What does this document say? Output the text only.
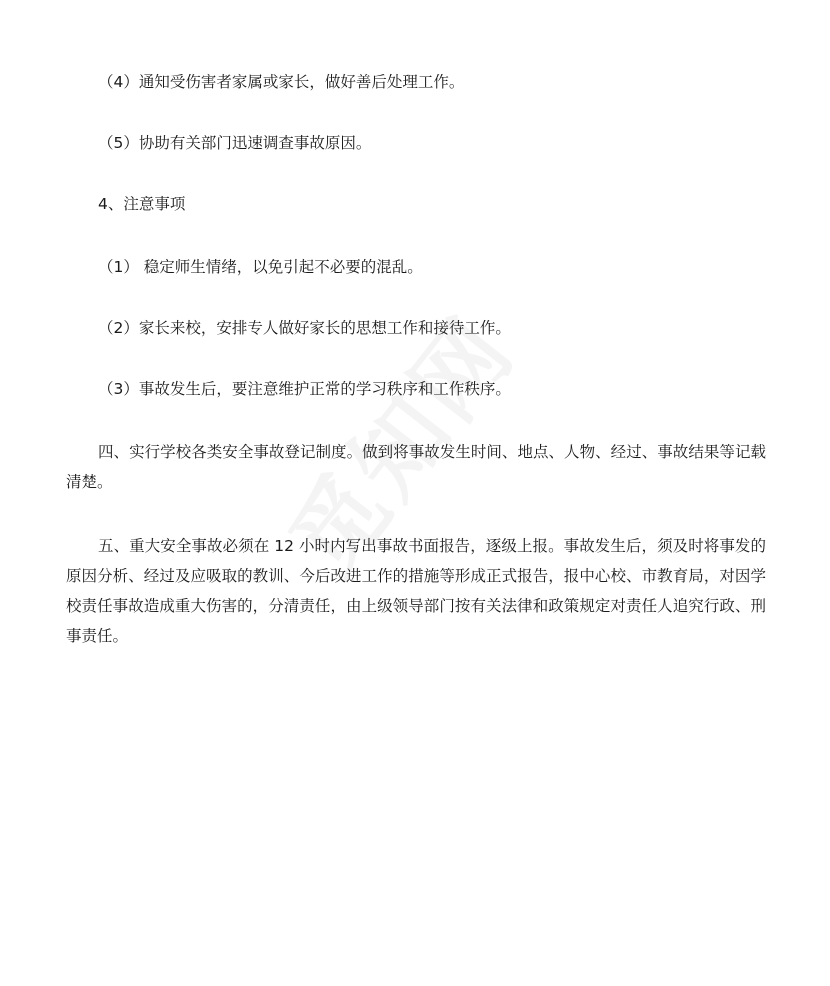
（4）通知受伤害者家属或家长，做好善后处理工作。
（5）协助有关部门迅速调查事故原因。
4、注意事项
（1） 稳定师生情绪，以免引起不必要的混乱。
（2）家长来校，安排专人做好家长的思想工作和接待工作。
（3）事故发生后，要注意维护正常的学习秩序和工作秩序。
四、实行学校各类安全事故登记制度。做到将事故发生时间、地点、人物、经过、事故结果等记载清楚。
五、重大安全事故必须在 12 小时内写出事故书面报告，逐级上报。事故发生后，须及时将事发的原因分析、经过及应吸取的教训、今后改进工作的措施等形成正式报告，报中心校、市教育局，对因学校责任事故造成重大伤害的，分清责任，由上级领导部门按有关法律和政策规定对责任人追究行政、刑事责任。
